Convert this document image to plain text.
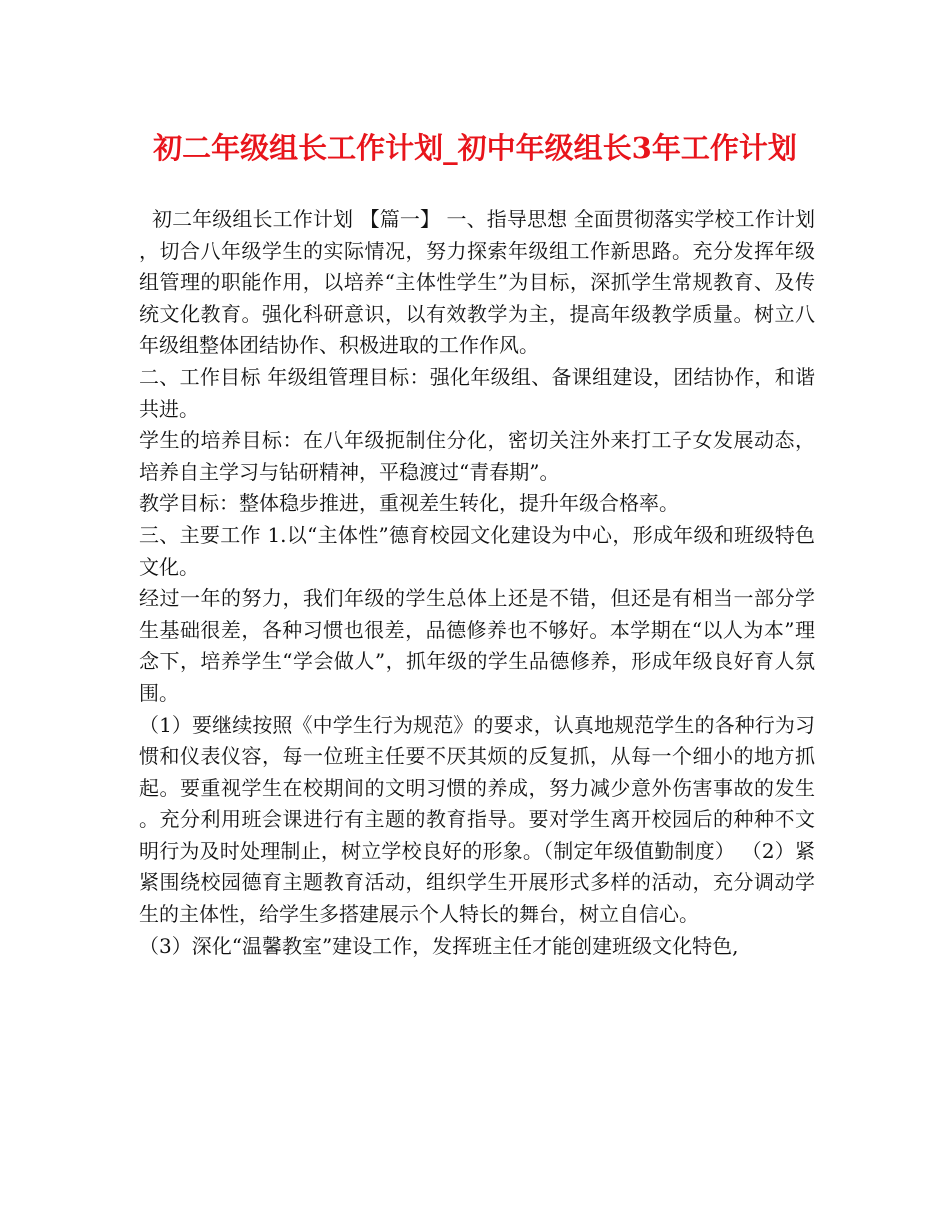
初二年级组长工作计划_初中年级组长3年工作计划

初二年级组长工作计划 【篇一】 一、指导思想 全面贯彻落实学校工作计划，切合八年级学生的实际情况，努力探索年级组工作新思路。充分发挥年级组管理的职能作用，以培养“主体性学生”为目标，深抓学生常规教育、及传统文化教育。强化科研意识，以有效教学为主，提高年级教学质量。树立八年级组整体团结协作、积极进取的工作作风。

二、工作目标 年级组管理目标：强化年级组、备课组建设，团结协作，和谐共进。

学生的培养目标：在八年级扼制住分化，密切关注外来打工子女发展动态，培养自主学习与钻研精神，平稳渡过“青春期”。

教学目标：整体稳步推进，重视差生转化，提升年级合格率。

三、主要工作 1.以“主体性”德育校园文化建设为中心，形成年级和班级特色文化。

经过一年的努力，我们年级的学生总体上还是不错，但还是有相当一部分学生基础很差，各种习惯也很差，品德修养也不够好。本学期在“以人为本”理念下，培养学生“学会做人”，抓年级的学生品德修养，形成年级良好育人氛围。

（1）要继续按照《中学生行为规范》的要求，认真地规范学生的各种行为习惯和仪表仪容，每一位班主任要不厌其烦的反复抓，从每一个细小的地方抓起。要重视学生在校期间的文明习惯的养成，努力减少意外伤害事故的发生。充分利用班会课进行有主题的教育指导。要对学生离开校园后的种种不文明行为及时处理制止，树立学校良好的形象。（制定年级值勤制度） （2）紧紧围绕校园德育主题教育活动，组织学生开展形式多样的活动，充分调动学生的主体性，给学生多搭建展示个人特长的舞台，树立自信心。

（3）深化“温馨教室”建设工作，发挥班主任才能创建班级文化特色,
